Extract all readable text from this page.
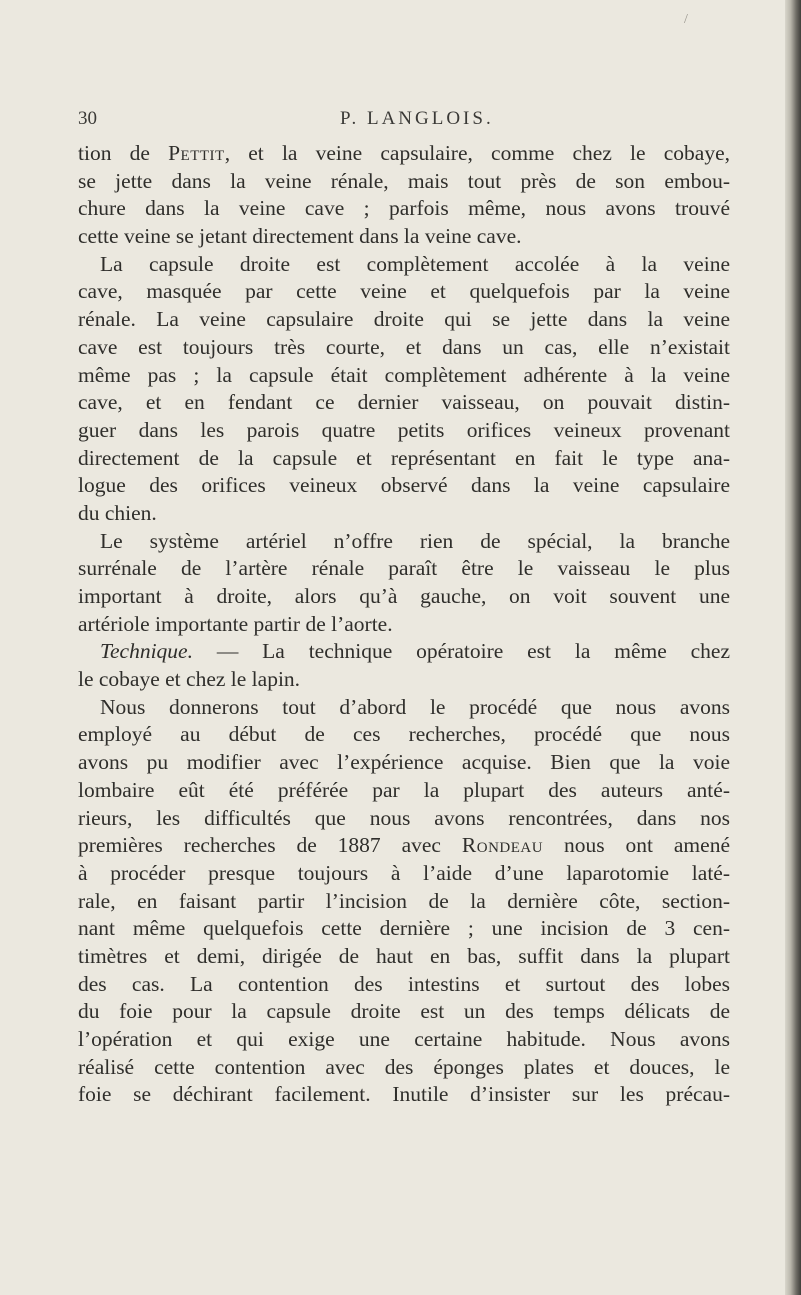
/
30	P. LANGLOIS.
tion de Pettit, et la veine capsulaire, comme chez le cobaye,
se jette dans la veine rénale, mais tout près de son embou-
chure dans la veine cave ; parfois même, nous avons trouvé
cette veine se jetant directement dans la veine cave.
La capsule droite est complètement accolée à la veine
cave, masquée par cette veine et quelquefois par la veine
rénale. La veine capsulaire droite qui se jette dans la veine
cave est toujours très courte, et dans un cas, elle n’existait
même pas ; la capsule était complètement adhérente à la veine
cave, et en fendant ce dernier vaisseau, on pouvait distin-
guer dans les parois quatre petits orifices veineux provenant
directement de la capsule et représentant en fait le type ana-
logue des orifices veineux observé dans la veine capsulaire
du chien.
Le système artériel n’offre rien de spécial, la branche
surrénale de l’artère rénale paraît être le vaisseau le plus
important à droite, alors qu’à gauche, on voit souvent une
artériole importante partir de l’aorte.
Technique. — La technique opératoire est la même chez
le cobaye et chez le lapin.
Nous donnerons tout d’abord le procédé que nous avons
employé au début de ces recherches, procédé que nous
avons pu modifier avec l’expérience acquise. Bien que la voie
lombaire eût été préférée par la plupart des auteurs anté-
rieurs, les difficultés que nous avons rencontrées, dans nos
premières recherches de 1887 avec Rondeau nous ont amené
à procéder presque toujours à l’aide d’une laparotomie laté-
rale, en faisant partir l’incision de la dernière côte, section-
nant même quelquefois cette dernière ; une incision de 3 cen-
timètres et demi, dirigée de haut en bas, suffit dans la plupart
des cas. La contention des intestins et surtout des lobes
du foie pour la capsule droite est un des temps délicats de
l’opération et qui exige une certaine habitude. Nous avons
réalisé cette contention avec des éponges plates et douces, le
foie se déchirant facilement. Inutile d’insister sur les précau-
